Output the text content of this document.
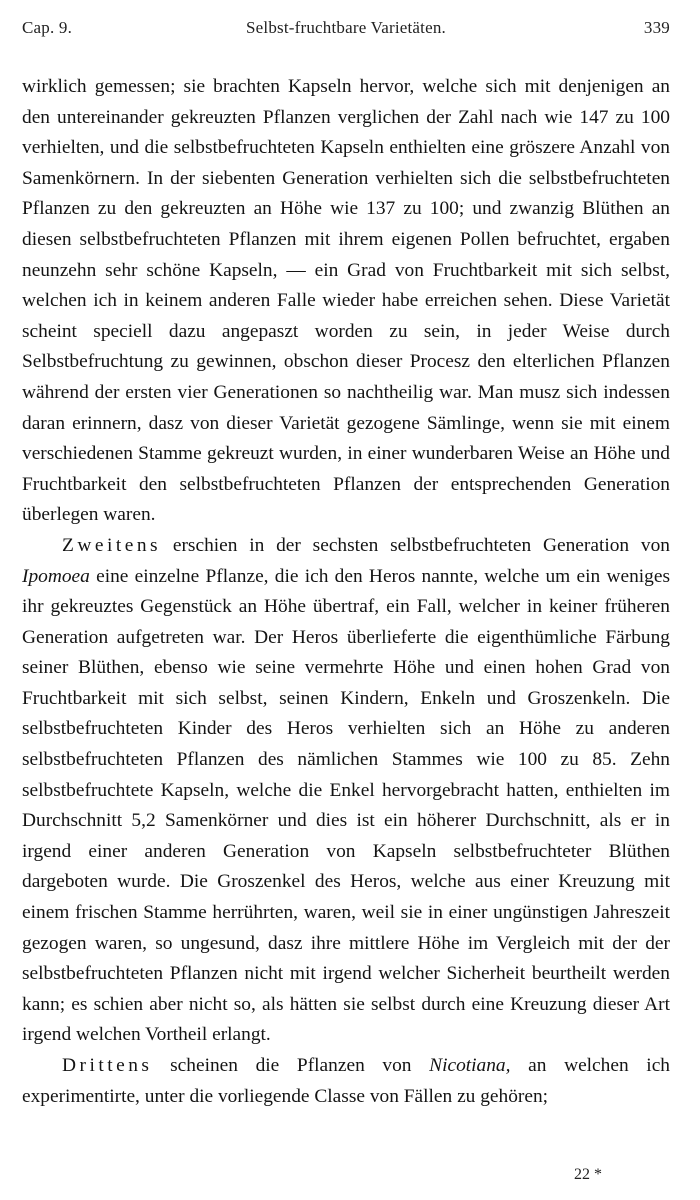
Cap. 9.	Selbst-fruchtbare Varietäten.	339

wirklich gemessen; sie brachten Kapseln hervor, welche sich mit denjenigen an den untereinander gekreuzten Pflanzen verglichen der Zahl nach wie 147 zu 100 verhielten, und die selbstbefruchteten Kapseln enthielten eine gröszere Anzahl von Samenkörnern. In der siebenten Generation verhielten sich die selbstbefruchteten Pflanzen zu den gekreuzten an Höhe wie 137 zu 100; und zwanzig Blüthen an diesen selbstbefruchteten Pflanzen mit ihrem eigenen Pollen befruchtet, ergaben neunzehn sehr schöne Kapseln, — ein Grad von Fruchtbarkeit mit sich selbst, welchen ich in keinem anderen Falle wieder habe erreichen sehen. Diese Varietät scheint speciell dazu angepaszt worden zu sein, in jeder Weise durch Selbstbefruchtung zu gewinnen, obschon dieser Procesz den elterlichen Pflanzen während der ersten vier Generationen so nachtheilig war. Man musz sich indessen daran erinnern, dasz von dieser Varietät gezogene Sämlinge, wenn sie mit einem verschiedenen Stamme gekreuzt wurden, in einer wunderbaren Weise an Höhe und Fruchtbarkeit den selbstbefruchteten Pflanzen der entsprechenden Generation überlegen waren.

Zweitens erschien in der sechsten selbstbefruchteten Generation von Ipomoea eine einzelne Pflanze, die ich den Heros nannte, welche um ein weniges ihr gekreuztes Gegenstück an Höhe übertraf, ein Fall, welcher in keiner früheren Generation aufgetreten war. Der Heros überlieferte die eigenthümliche Färbung seiner Blüthen, ebenso wie seine vermehrte Höhe und einen hohen Grad von Fruchtbarkeit mit sich selbst, seinen Kindern, Enkeln und Groszenkeln. Die selbstbefruchteten Kinder des Heros verhielten sich an Höhe zu anderen selbstbefruchteten Pflanzen des nämlichen Stammes wie 100 zu 85. Zehn selbstbefruchtete Kapseln, welche die Enkel hervorgebracht hatten, enthielten im Durchschnitt 5,2 Samenkörner und dies ist ein höherer Durchschnitt, als er in irgend einer anderen Generation von Kapseln selbstbefruchteter Blüthen dargeboten wurde. Die Groszenkel des Heros, welche aus einer Kreuzung mit einem frischen Stamme herrührten, waren, weil sie in einer ungünstigen Jahreszeit gezogen waren, so ungesund, dasz ihre mittlere Höhe im Vergleich mit der der selbstbefruchteten Pflanzen nicht mit irgend welcher Sicherheit beurtheilt werden kann; es schien aber nicht so, als hätten sie selbst durch eine Kreuzung dieser Art irgend welchen Vortheil erlangt.

Drittens scheinen die Pflanzen von Nicotiana, an welchen ich experimentirte, unter die vorliegende Classe von Fällen zu gehören;

22 *
